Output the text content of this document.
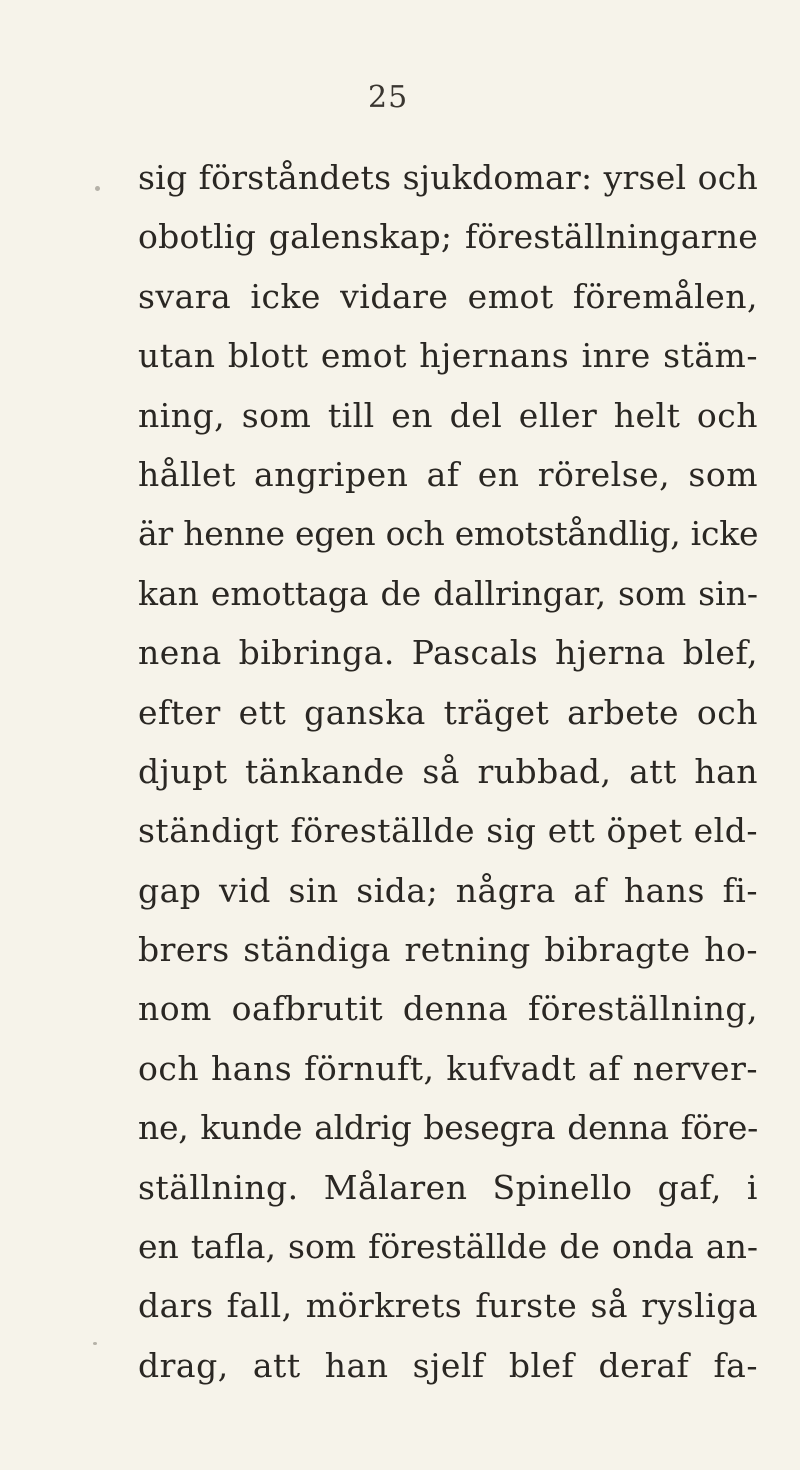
25
sig förståndets sjukdomar: yrsel och
obotlig galenskap; föreställningarne
svara icke vidare emot föremålen,
utan blott emot hjernans inre stäm-
ning, som till en del eller helt och
hållet angripen af en rörelse, som
är henne egen och emotståndlig, icke
kan emottaga de dallringar, som sin-
nena bibringa. Pascals hjerna blef,
efter ett ganska träget arbete och
djupt tänkande så rubbad, att han
ständigt föreställde sig ett öpet eld-
gap vid sin sida; några af hans fi-
brers ständiga retning bibragte ho-
nom oafbrutit denna föreställning,
och hans förnuft, kufvadt af nerver-
ne, kunde aldrig besegra denna före-
ställning. Målaren Spinello gaf, i
en tafla, som föreställde de onda an-
dars fall, mörkrets furste så rysliga
drag, att han sjelf blef deraf fa-
